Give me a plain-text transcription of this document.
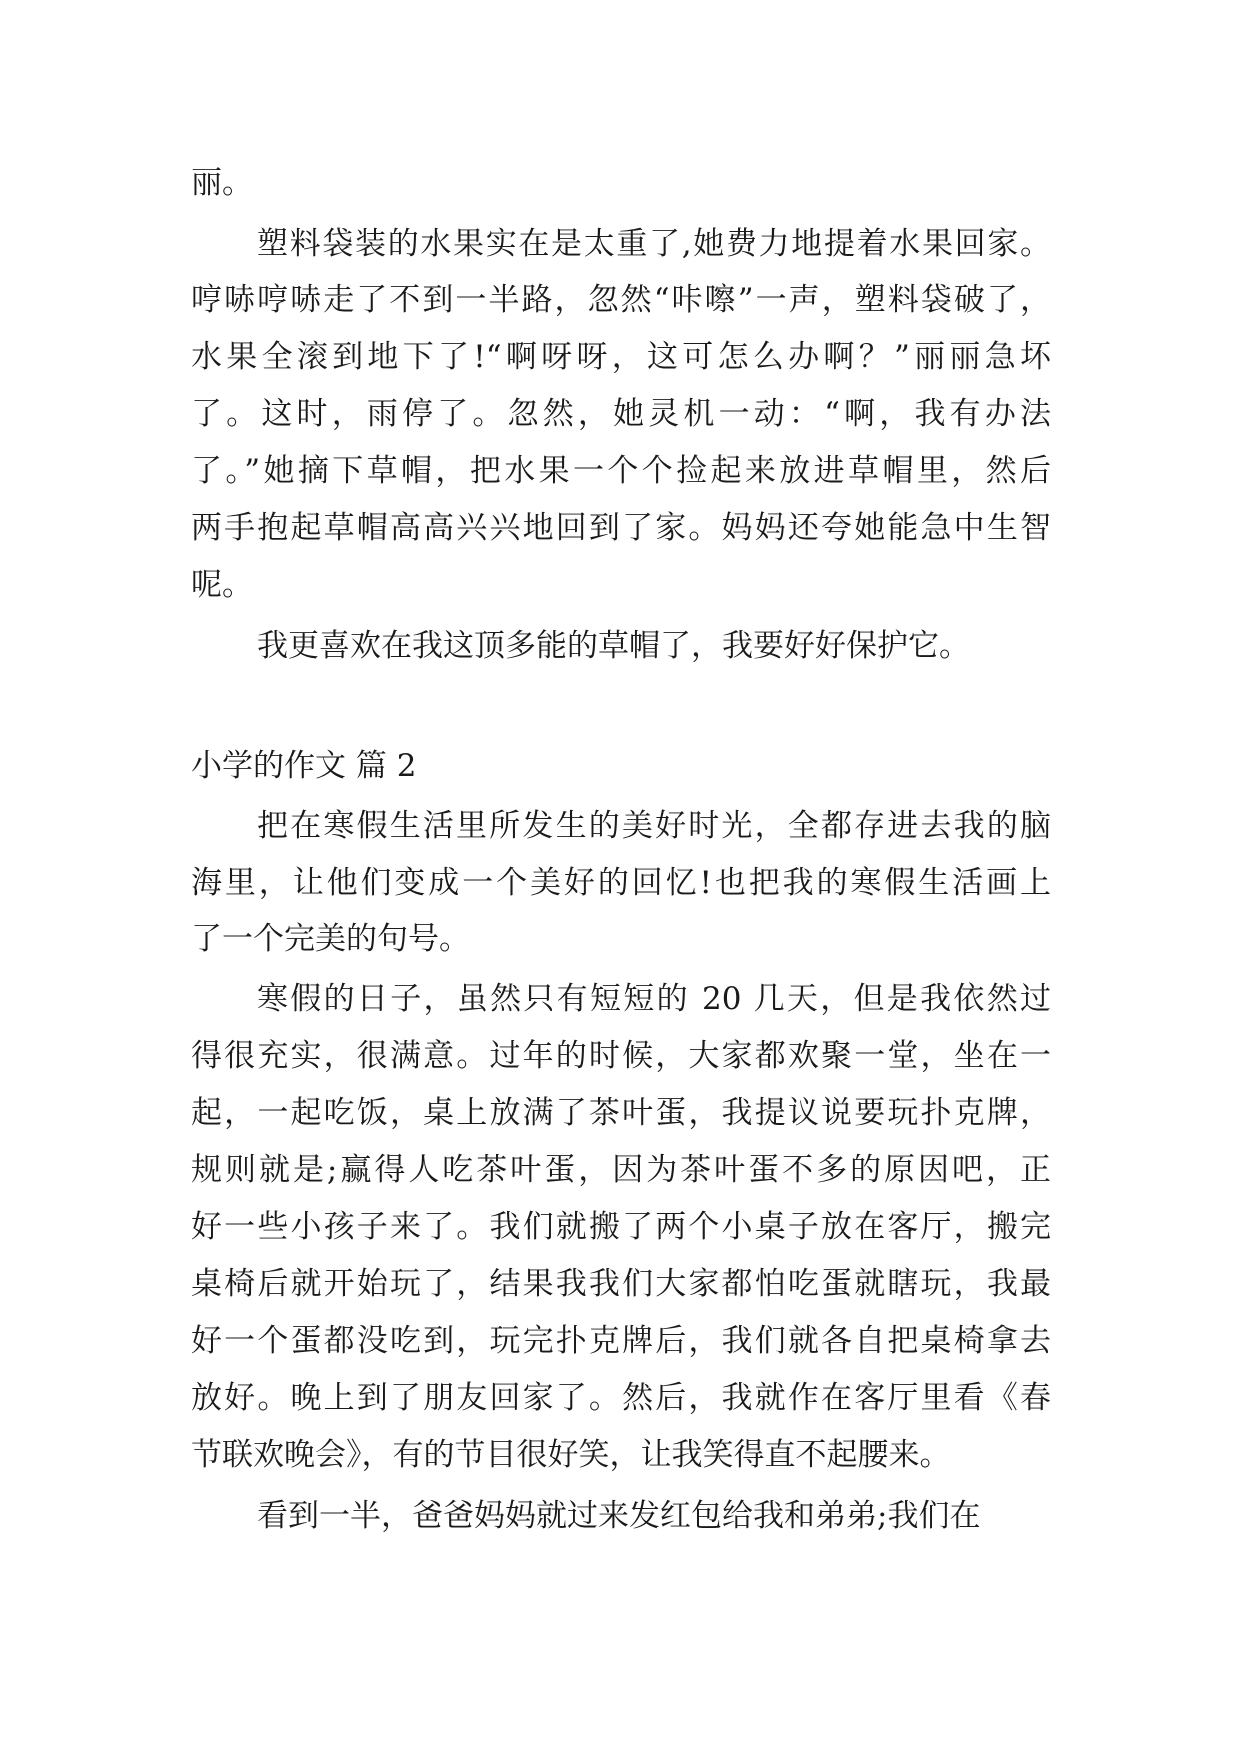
丽。
塑料袋装的水果实在是太重了,她费力地提着水果回家。
哼哧哼哧走了不到一半路，忽然“咔嚓”一声，塑料袋破了，
水果全滚到地下了!“啊呀呀，这可怎么办啊？”丽丽急坏
了。这时，雨停了。忽然，她灵机一动：“啊，我有办法
了。”她摘下草帽，把水果一个个捡起来放进草帽里，然后
两手抱起草帽高高兴兴地回到了家。妈妈还夸她能急中生智
呢。
我更喜欢在我这顶多能的草帽了，我要好好保护它。
小学的作文 篇 2
把在寒假生活里所发生的美好时光，全都存进去我的脑
海里，让他们变成一个美好的回忆!也把我的寒假生活画上
了一个完美的句号。
寒假的日子，虽然只有短短的 20 几天，但是我依然过
得很充实，很满意。过年的时候，大家都欢聚一堂，坐在一
起，一起吃饭，桌上放满了茶叶蛋，我提议说要玩扑克牌，
规则就是;赢得人吃茶叶蛋，因为茶叶蛋不多的原因吧，正
好一些小孩子来了。我们就搬了两个小桌子放在客厅，搬完
桌椅后就开始玩了，结果我我们大家都怕吃蛋就瞎玩，我最
好一个蛋都没吃到，玩完扑克牌后，我们就各自把桌椅拿去
放好。晚上到了朋友回家了。然后，我就作在客厅里看《春
节联欢晚会》，有的节目很好笑，让我笑得直不起腰来。
看到一半，爸爸妈妈就过来发红包给我和弟弟;我们在
